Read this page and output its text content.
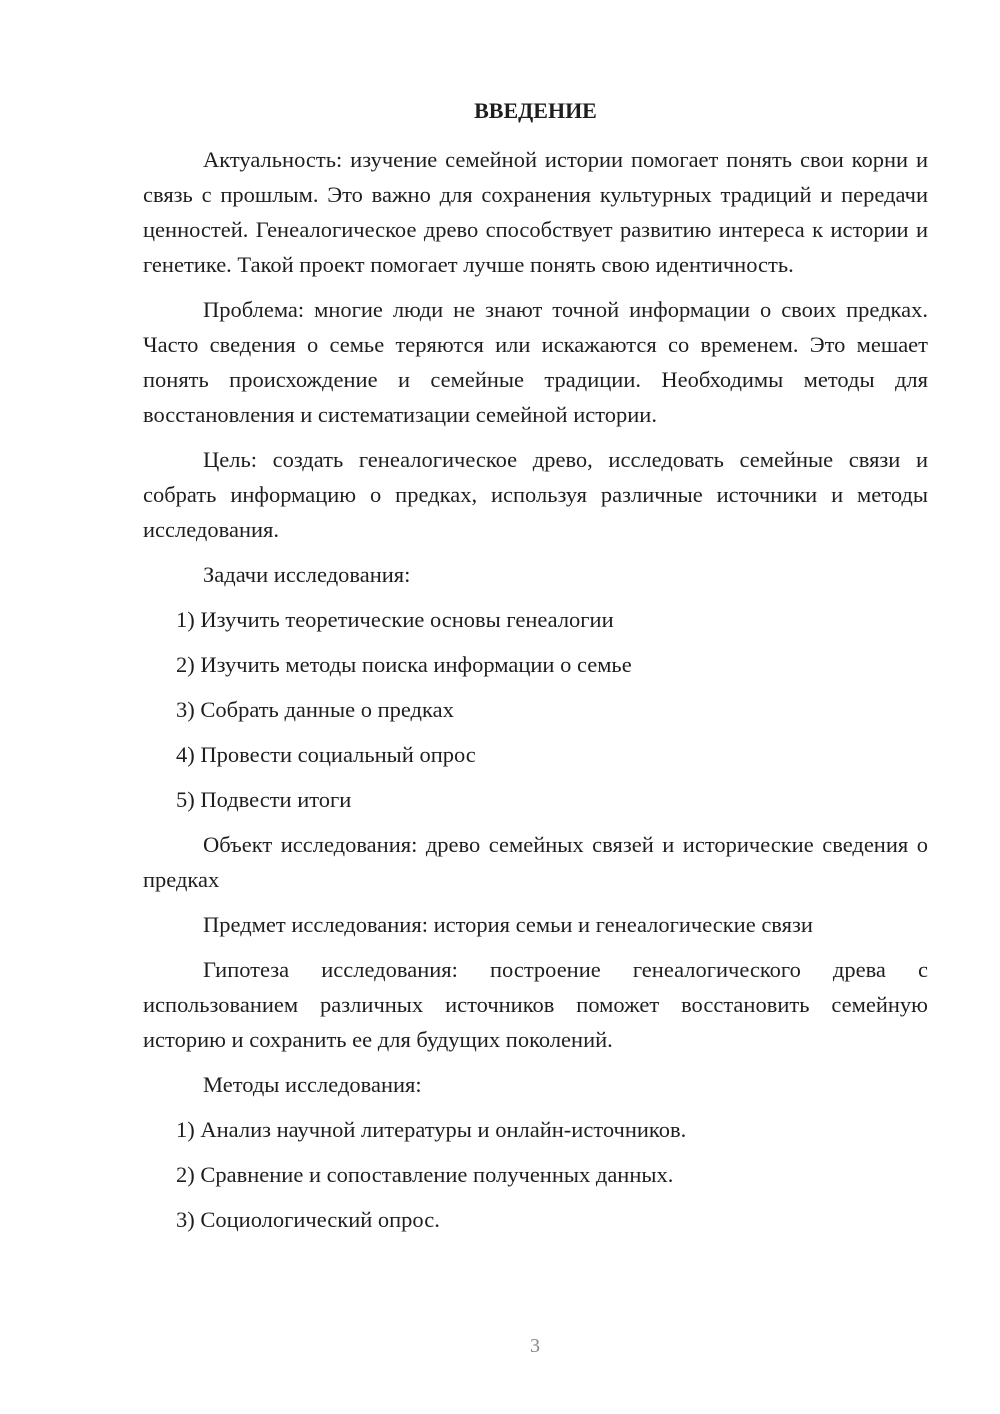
ВВЕДЕНИЕ

Актуальность: изучение семейной истории помогает понять свои корни и связь с прошлым. Это важно для сохранения культурных традиций и передачи ценностей. Генеалогическое древо способствует развитию интереса к истории и генетике. Такой проект помогает лучше понять свою идентичность.

Проблема: многие люди не знают точной информации о своих предках. Часто сведения о семье теряются или искажаются со временем. Это мешает понять происхождение и семейные традиции. Необходимы методы для восстановления и систематизации семейной истории.

Цель: создать генеалогическое древо, исследовать семейные связи и собрать информацию о предках, используя различные источники и методы исследования.

Задачи исследования:

1) Изучить теоретические основы генеалогии

2) Изучить методы поиска информации о семье

3) Собрать данные о предках

4) Провести социальный опрос

5) Подвести итоги

Объект исследования: древо семейных связей и исторические сведения о предках

Предмет исследования: история семьи и генеалогические связи

Гипотеза исследования: построение генеалогического древа с использованием различных источников поможет восстановить семейную историю и сохранить ее для будущих поколений.

Методы исследования:

1) Анализ научной литературы и онлайн-источников.

2) Сравнение и сопоставление полученных данных.

3) Социологический опрос.

3
